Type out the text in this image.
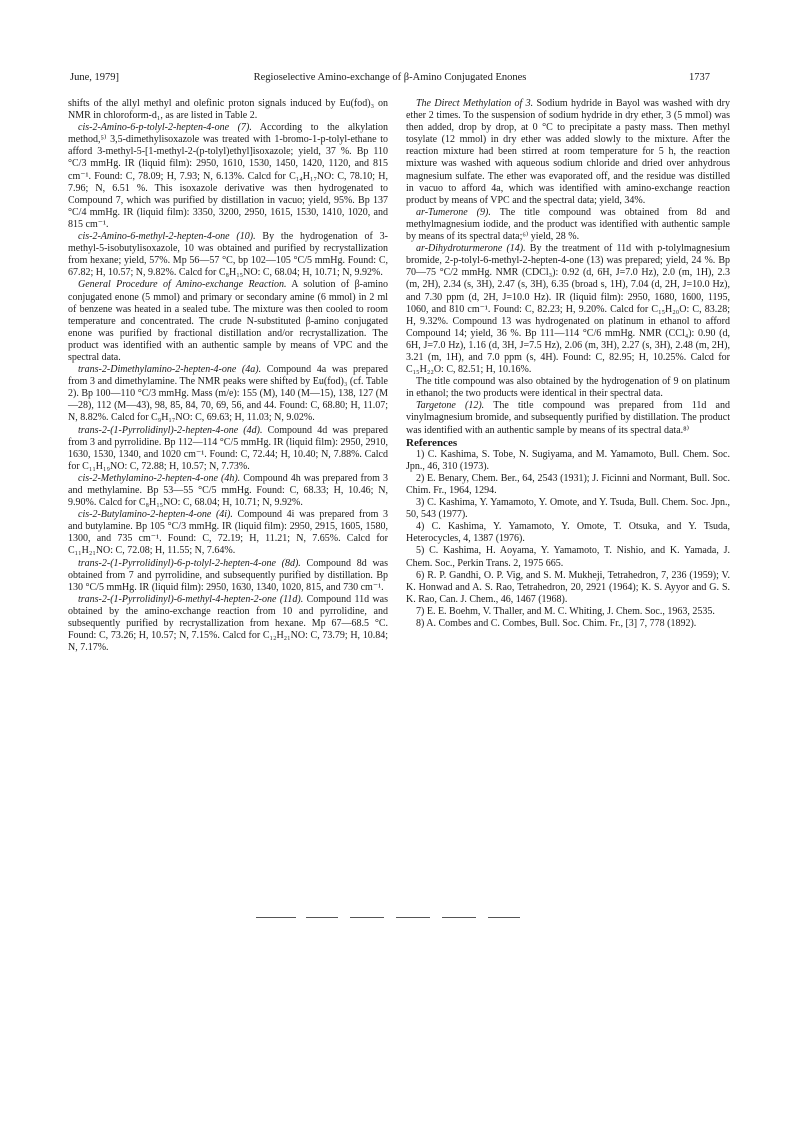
June, 1979]	Regioselective Amino-exchange of β-Amino Conjugated Enones	1737

shifts of the allyl methyl and olefinic proton signals induced by Eu(fod)₃ on NMR in chloroform-d₁, as are listed in Table 2.

cis-2-Amino-6-p-tolyl-2-hepten-4-one (7). According to the alkylation method,⁵⁾ 3,5-dimethylisoxazole was treated with 1-bromo-1-p-tolyl-ethane to afford 3-methyl-5-[1-methyl-2-(p-tolyl)ethyl]isoxazole; yield, 37 %. Bp 110 °C/3 mmHg. IR (liquid film): 2950, 1610, 1530, 1450, 1420, 1120, and 815 cm⁻¹. Found: C, 78.09; H, 7.93; N, 6.13%. Calcd for C₁₄H₁₇NO: C, 78.10; H, 7.96; N, 6.51 %. This isoxazole derivative was then hydrogenated to Compound 7, which was purified by distillation in vacuo; yield, 95%. Bp 137 °C/4 mmHg. IR (liquid film): 3350, 3200, 2950, 1615, 1530, 1410, 1020, and 815 cm⁻¹.

cis-2-Amino-6-methyl-2-hepten-4-one (10). By the hydrogenation of 3-methyl-5-isobutylisoxazole, 10 was obtained and purified by recrystallization from hexane; yield, 57%. Mp 56—57 °C, bp 102—105 °C/5 mmHg. Found: C, 67.82; H, 10.57; N, 9.82%. Calcd for C₈H₁₅NO: C, 68.04; H, 10.71; N, 9.92%.

General Procedure of Amino-exchange Reaction. A solution of β-amino conjugated enone (5 mmol) and primary or secondary amine (6 mmol) in 2 ml of benzene was heated in a sealed tube. The mixture was then cooled to room temperature and concentrated. The crude N-substituted β-amino conjugated enone was purified by fractional distillation and/or recrystallization. The product was identified with an authentic sample by means of VPC and the spectral data.

trans-2-Dimethylamino-2-hepten-4-one (4a). Compound 4a was prepared from 3 and dimethylamine. The NMR peaks were shifted by Eu(fod)₃ (cf. Table 2). Bp 100—110 °C/3 mmHg. Mass (m/e): 155 (M), 140 (M—15), 138, 127 (M—28), 112 (M—43), 98, 85, 84, 70, 69, 56, and 44. Found: C, 68.80; H, 11.07; N, 8.82%. Calcd for C₉H₁₇NO: C, 69.63; H, 11.03; N, 9.02%.

trans-2-(1-Pyrrolidinyl)-2-hepten-4-one (4d). Compound 4d was prepared from 3 and pyrrolidine. Bp 112—114 °C/5 mmHg. IR (liquid film): 2950, 2910, 1630, 1530, 1340, and 1020 cm⁻¹. Found: C, 72.44; H, 10.40; N, 7.88%. Calcd for C₁₁H₁₉NO: C, 72.88; H, 10.57; N, 7.73%.

cis-2-Methylamino-2-hepten-4-one (4h). Compound 4h was prepared from 3 and methylamine. Bp 53—55 °C/5 mmHg. Found: C, 68.33; H, 10.46; N, 9.90%. Calcd for C₈H₁₅NO: C, 68.04; H, 10.71; N, 9.92%.

cis-2-Butylamino-2-hepten-4-one (4i). Compound 4i was prepared from 3 and butylamine. Bp 105 °C/3 mmHg. IR (liquid film): 2950, 2915, 1605, 1580, 1300, and 735 cm⁻¹. Found: C, 72.19; H, 11.21; N, 7.65%. Calcd for C₁₁H₂₁NO: C, 72.08; H, 11.55; N, 7.64%.

trans-2-(1-Pyrrolidinyl)-6-p-tolyl-2-hepten-4-one (8d). Compound 8d was obtained from 7 and pyrrolidine, and subsequently purified by distillation. Bp 130 °C/5 mmHg. IR (liquid film): 2950, 1630, 1340, 1020, 815, and 730 cm⁻¹.

trans-2-(1-Pyrrolidinyl)-6-methyl-4-hepten-2-one (11d). Compound 11d was obtained by the amino-exchange reaction from 10 and pyrrolidine, and subsequently purified by recrystallization from hexane. Mp 67—68.5 °C. Found: C, 73.26; H, 10.57; N, 7.15%. Calcd for C₁₂H₂₁NO: C, 73.79; H, 10.84; N, 7.17%.

The Direct Methylation of 3. Sodium hydride in Bayol was washed with dry ether 2 times. To the suspension of sodium hydride in dry ether, 3 (5 mmol) was then added, drop by drop, at 0 °C to precipitate a pasty mass. Then methyl tosylate (12 mmol) in dry ether was added slowly to the mixture. After the reaction mixture had been stirred at room temperature for 5 h, the reaction mixture was washed with aqueous sodium chloride and dried over anhydrous magnesium sulfate. The ether was evaporated off, and the residue was distilled in vacuo to afford 4a, which was identified with amino-exchange reaction product by means of VPC and the spectral data; yield, 34%.

ar-Tumerone (9). The title compound was obtained from 8d and methylmagnesium iodide, and the product was identified with authentic sample by means of its spectral data;⁶⁾ yield, 28 %.

ar-Dihydroturmerone (14). By the treatment of 11d with p-tolylmagnesium bromide, 2-p-tolyl-6-methyl-2-hepten-4-one (13) was prepared; yield, 24 %. Bp 70—75 °C/2 mmHg. NMR (CDCl₃): 0.92 (d, 6H, J=7.0 Hz), 2.0 (m, 1H), 2.3 (m, 2H), 2.34 (s, 3H), 2.47 (s, 3H), 6.35 (broad s, 1H), 7.04 (d, 2H, J=10.0 Hz), and 7.30 ppm (d, 2H, J=10.0 Hz). IR (liquid film): 2950, 1680, 1600, 1195, 1060, and 810 cm⁻¹. Found: C, 82.23; H, 9.20%. Calcd for C₁₅H₂₀O: C, 83.28; H, 9.32%. Compound 13 was hydrogenated on platinum in ethanol to afford Compound 14; yield, 36 %. Bp 111—114 °C/6 mmHg. NMR (CCl₄): 0.90 (d, 6H, J=7.0 Hz), 1.16 (d, 3H, J=7.5 Hz), 2.06 (m, 3H), 2.27 (s, 3H), 2.48 (m, 2H), 3.21 (m, 1H), and 7.0 ppm (s, 4H). Found: C, 82.95; H, 10.25%. Calcd for C₁₅H₂₂O: C, 82.51; H, 10.16%.

The title compound was also obtained by the hydrogenation of 9 on platinum in ethanol; the two products were identical in their spectral data.

Targetone (12). The title compound was prepared from 11d and vinylmagnesium bromide, and subsequently purified by distillation. The product was identified with an authentic sample by means of its spectral data.⁸⁾

References

1) C. Kashima, S. Tobe, N. Sugiyama, and M. Yamamoto, Bull. Chem. Soc. Jpn., 46, 310 (1973).

2) E. Benary, Chem. Ber., 64, 2543 (1931); J. Ficinni and Normant, Bull. Soc. Chim. Fr., 1964, 1294.

3) C. Kashima, Y. Yamamoto, Y. Omote, and Y. Tsuda, Bull. Chem. Soc. Jpn., 50, 543 (1977).

4) C. Kashima, Y. Yamamoto, Y. Omote, T. Otsuka, and Y. Tsuda, Heterocycles, 4, 1387 (1976).

5) C. Kashima, H. Aoyama, Y. Yamamoto, T. Nishio, and K. Yamada, J. Chem. Soc., Perkin Trans. 2, 1975 665.

6) R. P. Gandhi, O. P. Vig, and S. M. Mukheji, Tetrahedron, 7, 236 (1959); V. K. Honwad and A. S. Rao, Tetrahedron, 20, 2921 (1964); K. S. Ayyor and G. S. K. Rao, Can. J. Chem., 46, 1467 (1968).

7) E. E. Boehm, V. Thaller, and M. C. Whiting, J. Chem. Soc., 1963, 2535.

8) A. Combes and C. Combes, Bull. Soc. Chim. Fr., [3] 7, 778 (1892).
